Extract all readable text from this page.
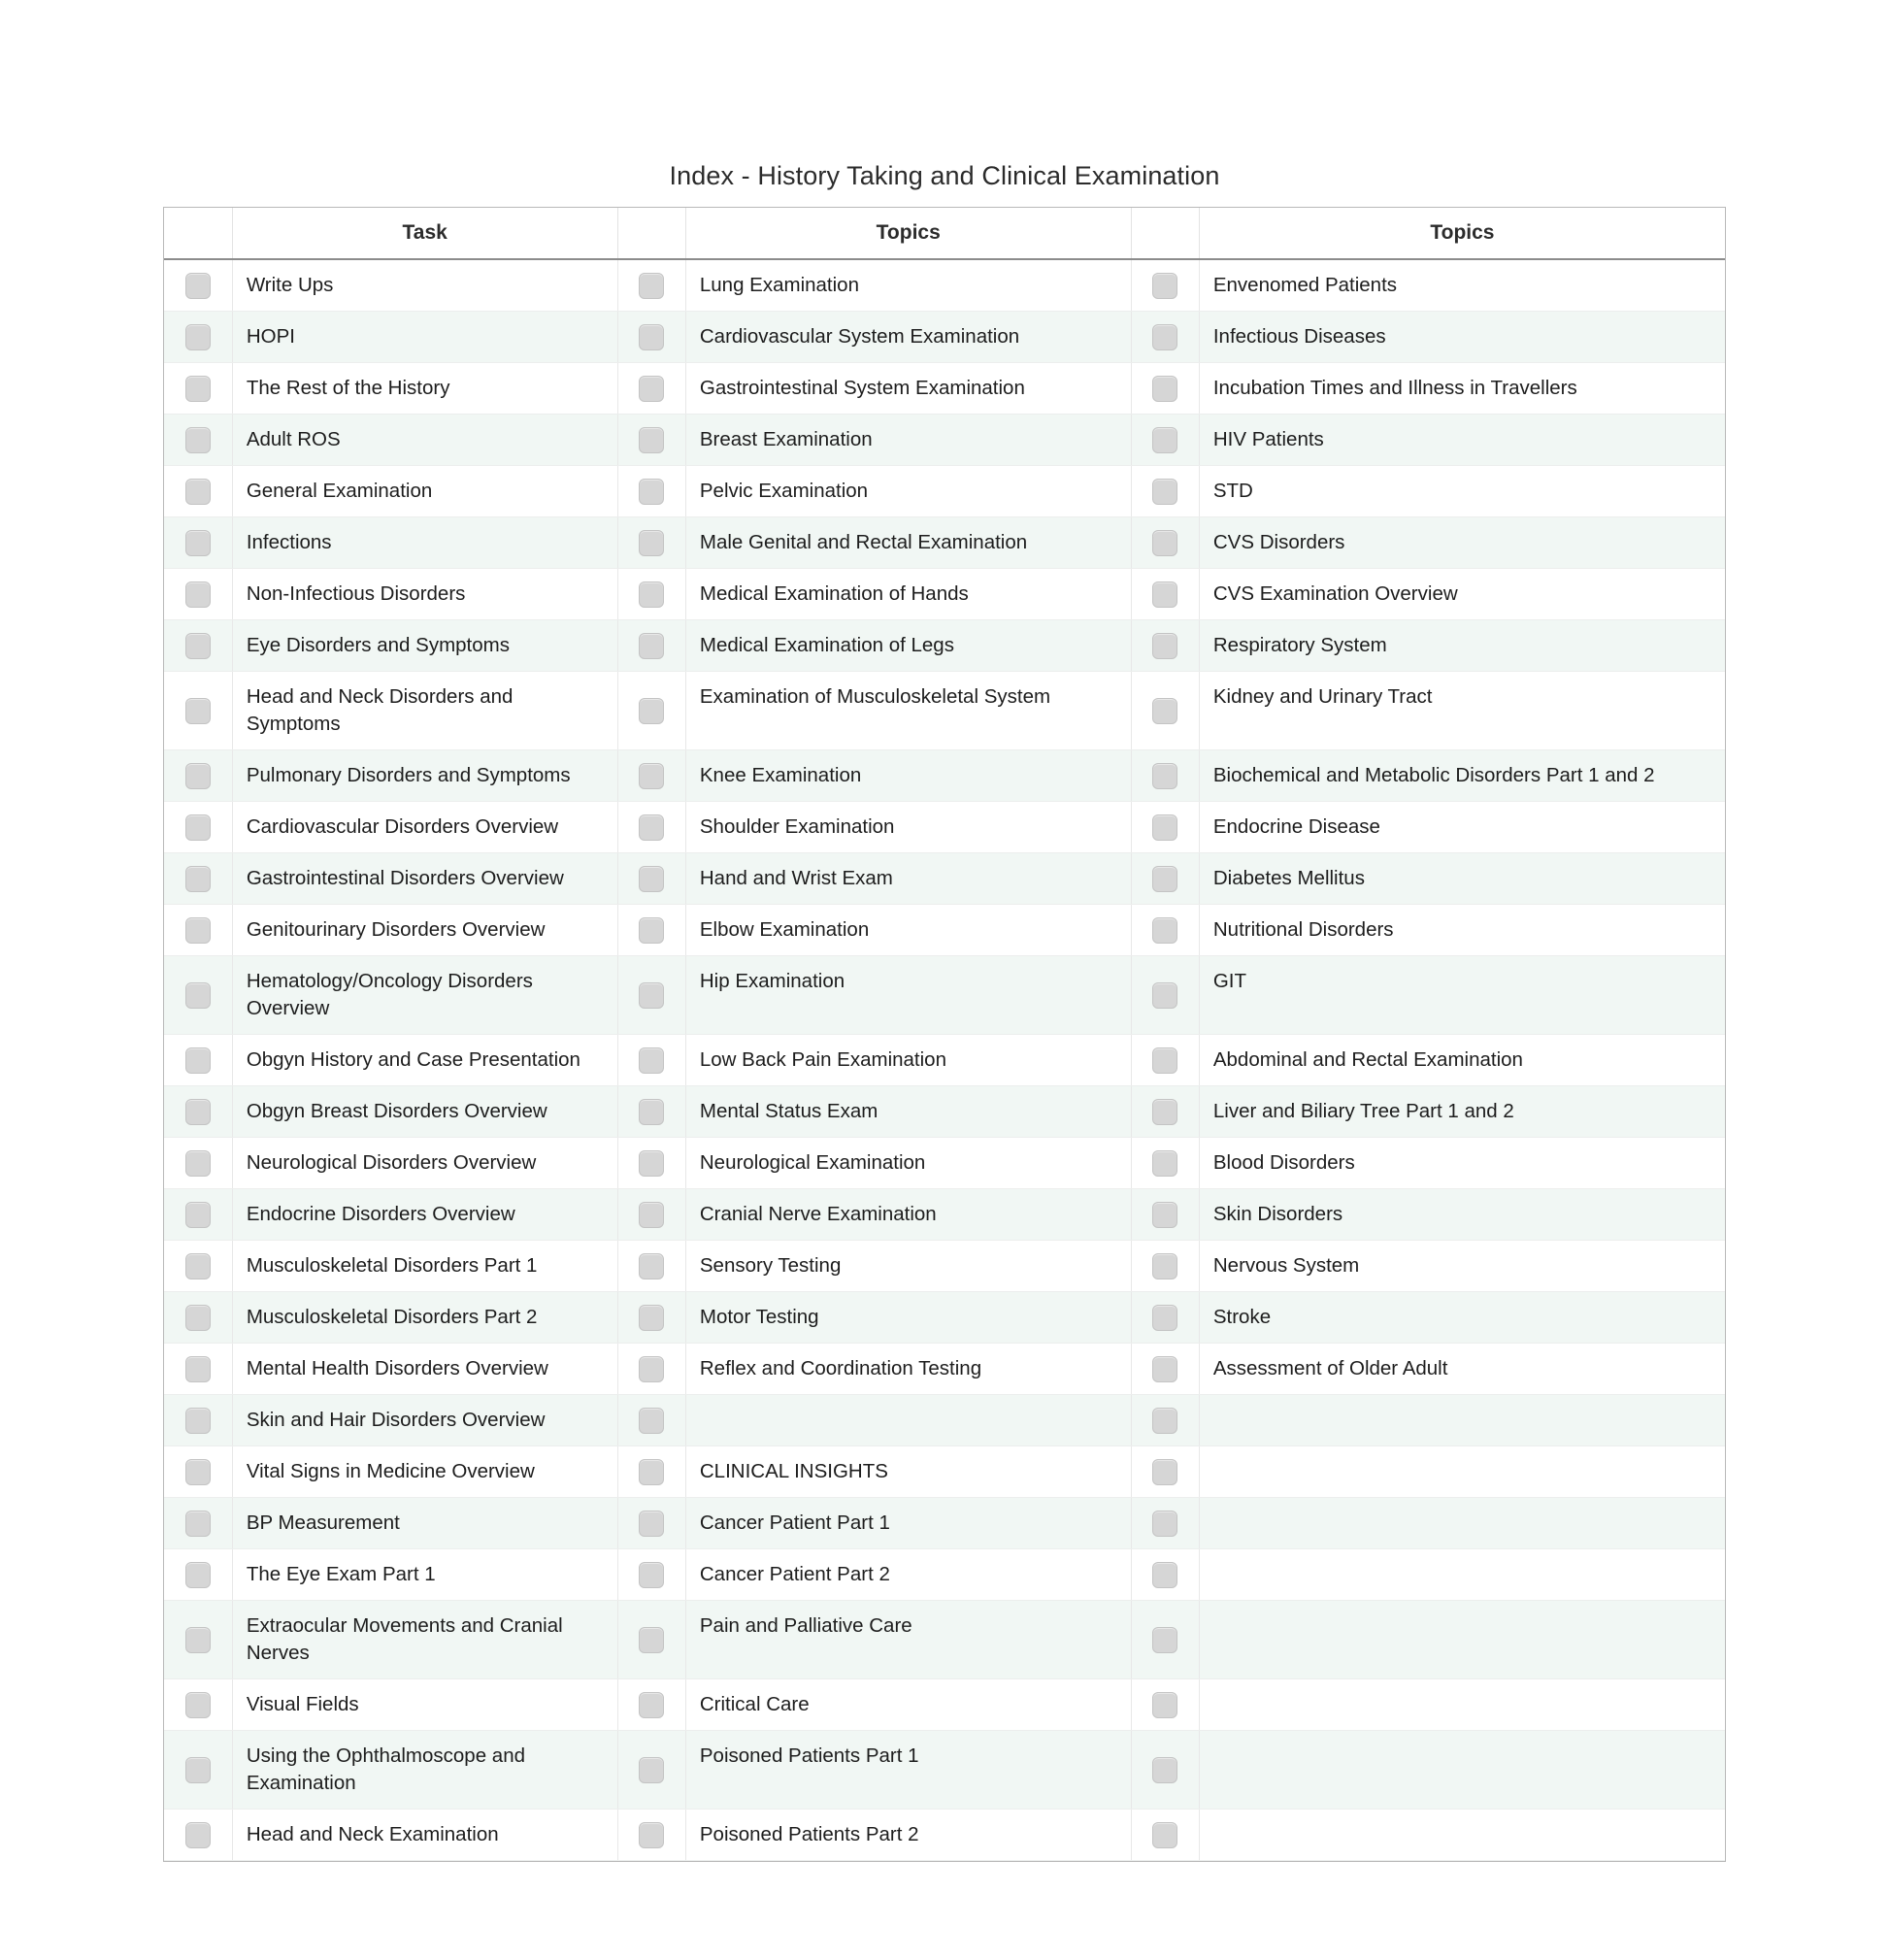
Index - History Taking and Clinical Examination
	Task		Topics		Topics

	Write Ups		Lung Examination		Envenomed Patients

	HOPI		Cardiovascular System Examination		Infectious Diseases

	The Rest of the History		Gastrointestinal System Examination		Incubation Times and Illness in Travellers

	Adult ROS		Breast Examination		HIV Patients

	General Examination		Pelvic Examination		STD

	Infections		Male Genital and Rectal Examination		CVS Disorders

	Non-Infectious Disorders		Medical Examination of Hands		CVS Examination Overview

	Eye Disorders and Symptoms		Medical Examination of Legs		Respiratory System

	Head and Neck Disorders and Symptoms		Examination of Musculoskeletal System		Kidney and Urinary Tract

	Pulmonary Disorders and Symptoms		Knee Examination		Biochemical and Metabolic Disorders Part 1 and 2

	Cardiovascular Disorders Overview		Shoulder Examination		Endocrine Disease

	Gastrointestinal Disorders Overview		Hand and Wrist Exam		Diabetes Mellitus

	Genitourinary Disorders Overview		Elbow Examination		Nutritional Disorders

	Hematology/Oncology Disorders Overview		Hip Examination		GIT

	Obgyn History and Case Presentation		Low Back Pain Examination		Abdominal and Rectal Examination

	Obgyn Breast Disorders Overview		Mental Status Exam		Liver and Biliary Tree Part 1 and 2

	Neurological Disorders Overview		Neurological Examination		Blood Disorders

	Endocrine Disorders Overview		Cranial Nerve Examination		Skin Disorders

	Musculoskeletal Disorders Part 1		Sensory Testing		Nervous System

	Musculoskeletal Disorders Part 2		Motor Testing		Stroke

	Mental Health Disorders Overview		Reflex and Coordination Testing		Assessment of Older Adult

	Skin and Hair Disorders Overview				

	Vital Signs in Medicine Overview		CLINICAL INSIGHTS		

	BP Measurement		Cancer Patient Part 1		

	The Eye Exam Part 1		Cancer Patient Part 2		

	Extraocular Movements and Cranial Nerves		Pain and Palliative Care		

	Visual Fields		Critical Care		

	Using the Ophthalmoscope and Examination		Poisoned Patients Part 1		

	Head and Neck Examination		Poisoned Patients Part 2		
